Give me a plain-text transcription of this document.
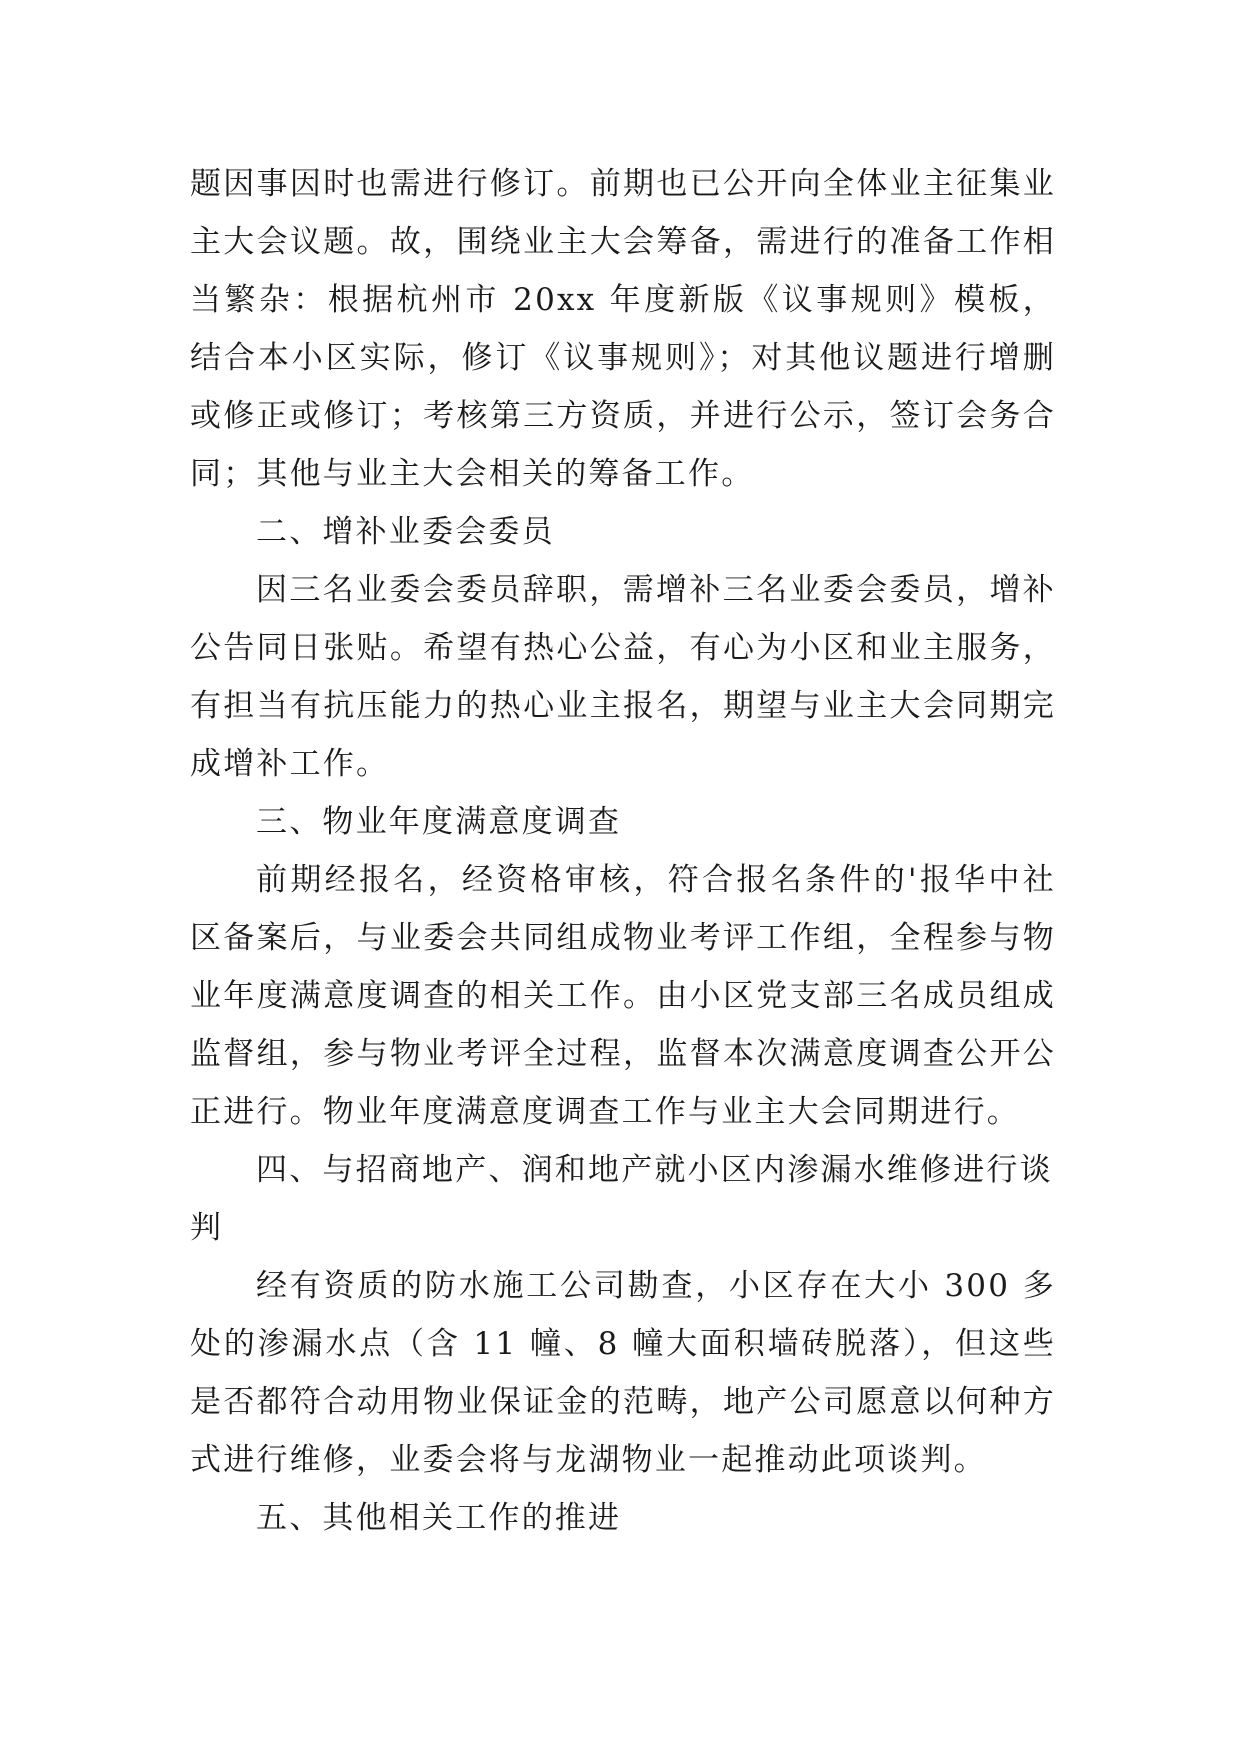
题因事因时也需进行修订。前期也已公开向全体业主征集业主大会议题。故，围绕业主大会筹备，需进行的准备工作相当繁杂：根据杭州市 20xx 年度新版《议事规则》模板，结合本小区实际，修订《议事规则》；对其他议题进行增删或修正或修订；考核第三方资质，并进行公示，签订会务合同；其他与业主大会相关的筹备工作。

二、增补业委会委员

因三名业委会委员辞职，需增补三名业委会委员，增补公告同日张贴。希望有热心公益，有心为小区和业主服务，有担当有抗压能力的热心业主报名，期望与业主大会同期完成增补工作。

三、物业年度满意度调查

前期经报名，经资格审核，符合报名条件的'报华中社区备案后，与业委会共同组成物业考评工作组，全程参与物业年度满意度调查的相关工作。由小区党支部三名成员组成监督组，参与物业考评全过程，监督本次满意度调查公开公正进行。物业年度满意度调查工作与业主大会同期进行。

四、与招商地产、润和地产就小区内渗漏水维修进行谈判

经有资质的防水施工公司勘查，小区存在大小 300 多处的渗漏水点（含 11 幢、8 幢大面积墙砖脱落），但这些是否都符合动用物业保证金的范畴，地产公司愿意以何种方式进行维修，业委会将与龙湖物业一起推动此项谈判。

五、其他相关工作的推进
